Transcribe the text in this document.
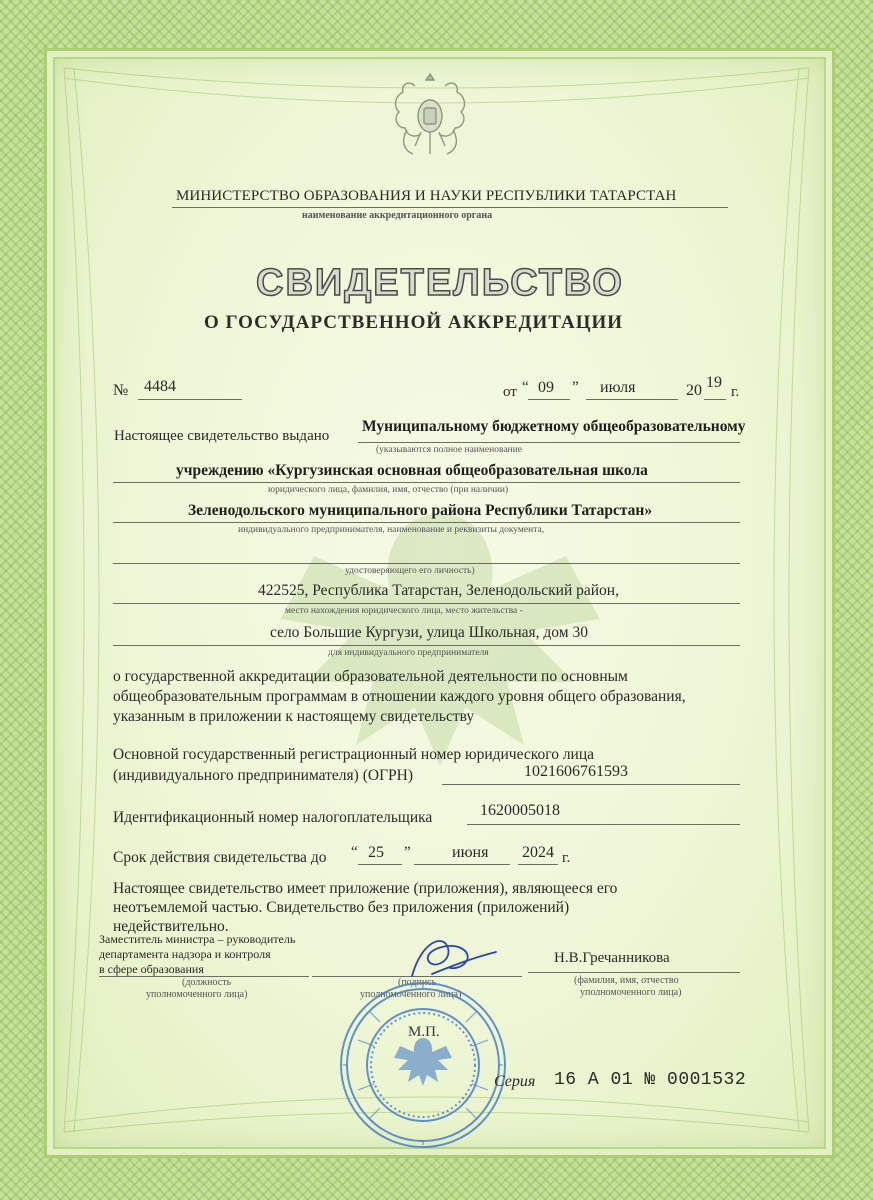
МИНИСТЕРСТВО ОБРАЗОВАНИЯ И НАУКИ РЕСПУБЛИКИ ТАТАРСТАН
наименование аккредитационного органа
СВИДЕТЕЛЬСТВО
О ГОСУДАРСТВЕННОЙ АККРЕДИТАЦИИ
№ 4484	от “ 09 ” июля	20 19
г.
Настоящее свидетельство выдано
Муниципальному бюджетному общеобразовательному
(указываются полное наименование
учреждению «Кургузинская основная общеобразовательная школа
юридического лица, фамилия, имя, отчество (при наличии)
Зеленодольского муниципального района Республики Татарстан»
индивидуального предпринимателя, наименование и реквизиты документа,
удостоверяющего его личность)
422525, Республика Татарстан, Зеленодольский район,
место нахождения юридического лица, место жительства -
село Большие Кургузи, улица Школьная, дом 30
для индивидуального предпринимателя
о государственной аккредитации образовательной деятельности по основным
общеобразовательным программам в отношении каждого уровня общего образования,
указанным в приложении к настоящему свидетельству
Основной государственный регистрационный номер юридического лица
(индивидуального предпринимателя) (ОГРН)	1021606761593
Идентификационный номер налогоплательщика	1620005018
Срок действия свидетельства до “ 25 ”	июня 2024 г.
Настоящее свидетельство имеет приложение (приложения), являющееся его
неотъемлемой частью. Свидетельство без приложения (приложений)
недействительно.
Заместитель министра – руководитель
департамента надзора и контроля
в сфере образования
(должность
уполномоченного лица)
(подпись
уполномоченного лица)
Н.В.Гречанникова
(фамилия, имя, отчество
уполномоченного лица)
М.П.
Серия 16 А 01 № 0001532
